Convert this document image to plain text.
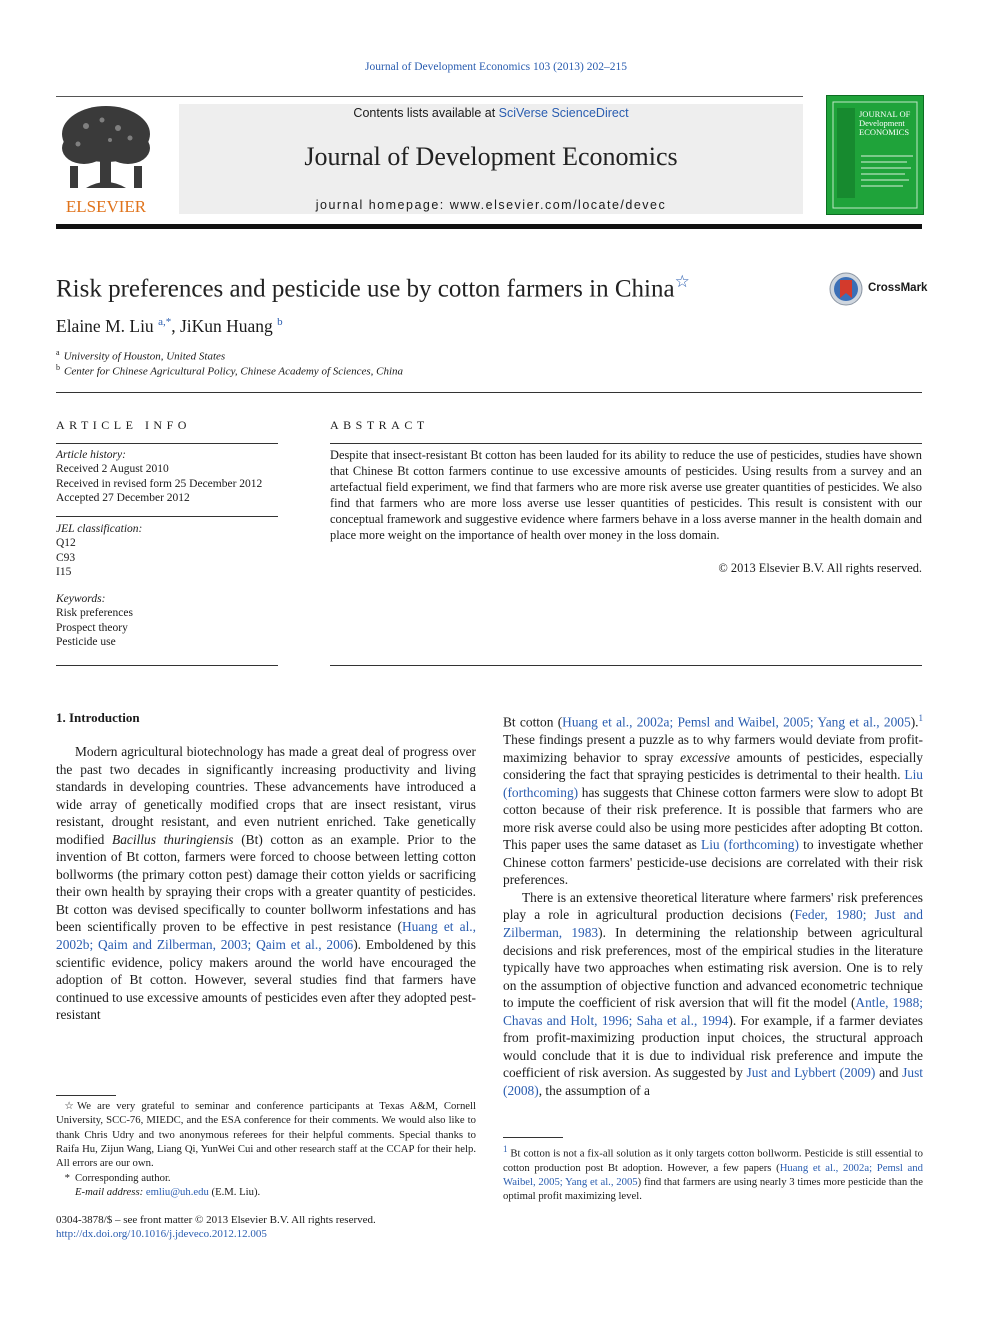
Journal of Development Economics 103 (2013) 202–215
ELSEVIER
Contents lists available at SciVerse ScienceDirect
Journal of Development Economics
journal homepage: www.elsevier.com/locate/devec
JOURNAL OF Development ECONOMICS
Risk preferences and pesticide use by cotton farmers in China☆	CrossMark
Elaine M. Liu $^{a,*}$, JiKun Huang $^b$
$^a$ University of Houston, United States
$^b$ Center for Chinese Agricultural Policy, Chinese Academy of Sciences, China
ARTICLE INFO
Article history:
Received 2 August 2010
Received in revised form 25 December 2012
Accepted 27 December 2012
JEL classification:
Q12
C93
I15
Keywords:
Risk preferences
Prospect theory
Pesticide use
ABSTRACT
Despite that insect-resistant Bt cotton has been lauded for its ability to reduce the use of pesticides, studies have shown that Chinese Bt cotton farmers continue to use excessive amounts of pesticides. Using results from a survey and an artefactual field experiment, we find that farmers who are more risk averse use greater quantities of pesticides. We also find that farmers who are more loss averse use lesser quantities of pesticides. This result is consistent with our conceptual framework and suggestive evidence where farmers behave in a loss averse manner in the health domain and place more weight on the importance of health over money in the loss domain.
© 2013 Elsevier B.V. All rights reserved.
1. Introduction

Modern agricultural biotechnology has made a great deal of progress over the past two decades in significantly increasing productivity and living standards in developing countries. These advancements have introduced a wide array of genetically modified crops that are insect resistant, virus resistant, drought resistant, and even nutrient enriched. Take genetically modified Bacillus thuringiensis (Bt) cotton as an example. Prior to the invention of Bt cotton, farmers were forced to choose between letting cotton bollworms (the primary cotton pest) damage their cotton yields or sacrificing their own health by spraying their crops with a greater quantity of pesticides. Bt cotton was devised specifically to counter bollworm infestations and has been scientifically proven to be effective in pest resistance (Huang et al., 2002b; Qaim and Zilberman, 2003; Qaim et al., 2006). Emboldened by this scientific evidence, policy makers around the world have encouraged the adoption of Bt cotton. However, several studies find that farmers have continued to use excessive amounts of pesticides even after they adopted pest-resistant

Bt cotton (Huang et al., 2002a; Pemsl and Waibel, 2005; Yang et al., 2005).$^1$ These findings present a puzzle as to why farmers would deviate from profit-maximizing behavior to spray excessive amounts of pesticides, especially considering the fact that spraying pesticides is detrimental to their health. Liu (forthcoming) has suggests that Chinese cotton farmers were slow to adopt Bt cotton because of their risk preference. It is possible that farmers who are more risk averse could also be using more pesticides after adopting Bt cotton. This paper uses the same dataset as Liu (forthcoming) to investigate whether Chinese cotton farmers' pesticide-use decisions are correlated with their risk preferences.

There is an extensive theoretical literature where farmers' risk preferences play a role in agricultural production decisions (Feder, 1980; Just and Zilberman, 1983). In determining the relationship between agricultural decisions and risk preferences, most of the empirical studies in the literature typically have two approaches when estimating risk aversion. One is to rely on the assumption of objective function and advanced econometric technique to impute the coefficient of risk aversion that will fit the model (Antle, 1988; Chavas and Holt, 1996; Saha et al., 1994). For example, if a farmer deviates from profit-maximizing production input choices, the structural approach would conclude that it is due to individual risk preference and impute the coefficient of risk aversion. As suggested by Just and Lybbert (2009) and Just (2008), the assumption of a

☆ We are very grateful to seminar and conference participants at Texas A&M, Cornell University, SCC-76, MIEDC, and the ESA conference for their comments. We would also like to thank Chris Udry and two anonymous referees for their helpful comments. Special thanks to Raifa Hu, Zijun Wang, Liang Qi, YunWei Cui and other research staff at the CCAP for their help. All errors are our own.
* Corresponding author.
E-mail address: emliu@uh.edu (E.M. Liu).
$^1$ Bt cotton is not a fix-all solution as it only targets cotton bollworm. Pesticide is still essential to cotton production post Bt adoption. However, a few papers (Huang et al., 2002a; Pemsl and Waibel, 2005; Yang et al., 2005) find that farmers are using nearly 3 times more pesticide than the optimal profit maximizing level.
0304-3878/$ – see front matter © 2013 Elsevier B.V. All rights reserved.
http://dx.doi.org/10.1016/j.jdeveco.2012.12.005
